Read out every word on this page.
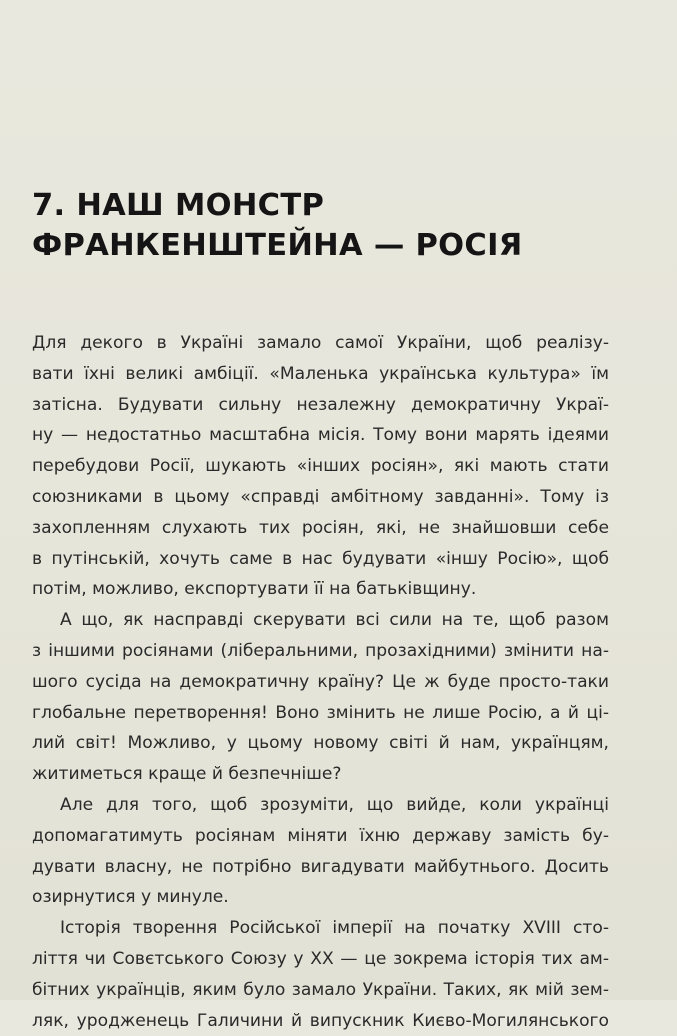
7. НАШ МОНСТР
ФРАНКЕНШТЕЙНА — РОСІЯ
Для декого в Україні замало самої України, щоб реалізу-
вати їхні великі амбіції. «Маленька українська культура» їм
затісна. Будувати сильну незалежну демократичну Украї-
ну — недостатньо масштабна місія. Тому вони марять ідеями
перебудови Росії, шукають «інших росіян», які мають стати
союзниками в цьому «справді амбітному завданні». Тому із
захопленням слухають тих росіян, які, не знайшовши себе
в путінській, хочуть саме в нас будувати «іншу Росію», щоб
потім, можливо, експортувати її на батьківщину.
А що, як насправді скерувати всі сили на те, щоб разом
з іншими росіянами (ліберальними, прозахідними) змінити на-
шого сусіда на демократичну країну? Це ж буде просто-таки
глобальне перетворення! Воно змінить не лише Росію, а й ці-
лий світ! Можливо, у цьому новому світі й нам, українцям,
житиметься краще й безпечніше?
Але для того, щоб зрозуміти, що вийде, коли українці
допомагатимуть росіянам міняти їхню державу замість бу-
дувати власну, не потрібно вигадувати майбутнього. Досить
озирнутися у минуле.
Історія творення Російської імперії на початку XVIII сто-
ліття чи Совєтського Союзу у ХХ — це зокрема історія тих ам-
бітних українців, яким було замало України. Таких, як мій зем-
ляк, уродженець Галичини й випускник Києво-Могилянського
